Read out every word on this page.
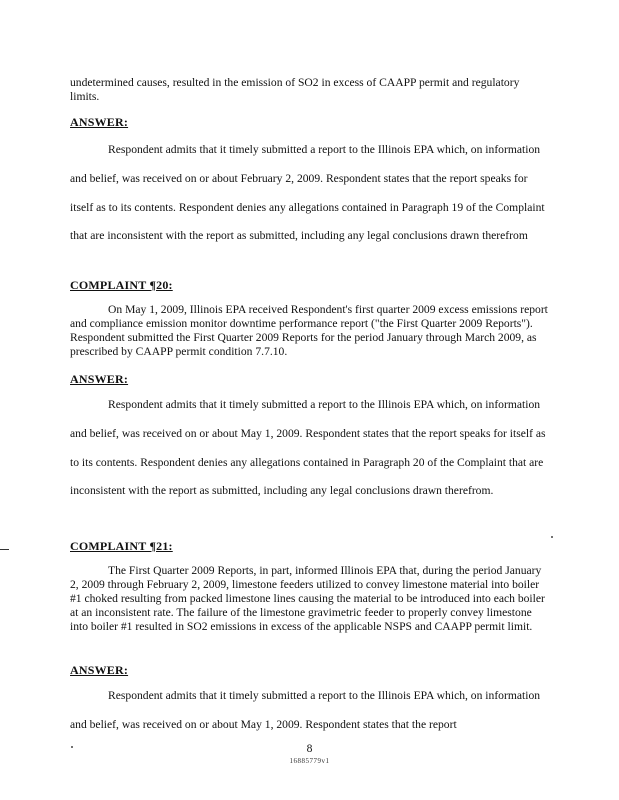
undetermined causes, resulted in the emission of SO2 in excess of CAAPP permit and regulatory limits.

ANSWER:

Respondent admits that it timely submitted a report to the Illinois EPA which, on information and belief, was received on or about February 2, 2009. Respondent states that the report speaks for itself as to its contents. Respondent denies any allegations contained in Paragraph 19 of the Complaint that are inconsistent with the report as submitted, including any legal conclusions drawn therefrom

COMPLAINT ¶20:

On May 1, 2009, Illinois EPA received Respondent's first quarter 2009 excess emissions report and compliance emission monitor downtime performance report ("the First Quarter 2009 Reports"). Respondent submitted the First Quarter 2009 Reports for the period January through March 2009, as prescribed by CAAPP permit condition 7.7.10.

ANSWER:

Respondent admits that it timely submitted a report to the Illinois EPA which, on information and belief, was received on or about May 1, 2009. Respondent states that the report speaks for itself as to its contents. Respondent denies any allegations contained in Paragraph 20 of the Complaint that are inconsistent with the report as submitted, including any legal conclusions drawn therefrom.

COMPLAINT ¶21:

The First Quarter 2009 Reports, in part, informed Illinois EPA that, during the period January 2, 2009 through February 2, 2009, limestone feeders utilized to convey limestone material into boiler #1 choked resulting from packed limestone lines causing the material to be introduced into each boiler at an inconsistent rate. The failure of the limestone gravimetric feeder to properly convey limestone into boiler #1 resulted in SO2 emissions in excess of the applicable NSPS and CAAPP permit limit.

ANSWER:

Respondent admits that it timely submitted a report to the Illinois EPA which, on information and belief, was received on or about May 1, 2009. Respondent states that the report

8

16885779v1
